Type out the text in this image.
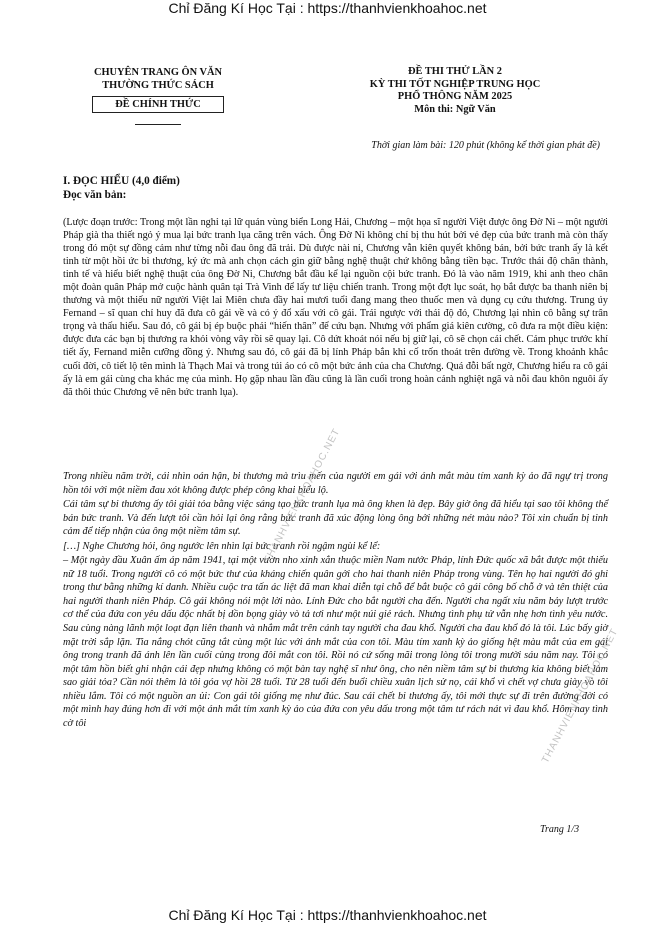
Chỉ Đăng Kí Học Tại : https://thanhvienkhoahoc.net
CHUYÊN TRANG ÔN VĂN
THƯỜNG THỨC SÁCH
ĐỀ CHÍNH THỨC
ĐỀ THI THỬ LẦN 2
KỲ THI TỐT NGHIỆP TRUNG HỌC
PHỔ THÔNG NĂM 2025
Môn thi: Ngữ Văn
Thời gian làm bài: 120 phút (không kể thời gian phát đề)
I. ĐỌC HIỂU (4,0 điểm)
Đọc văn bản:

(Lược đoạn trước: Trong một lần nghỉ tại lữ quán vùng biển Long Hải, Chương – một họa sĩ người Việt được ông Đờ Ni – một người Pháp già tha thiết ngỏ ý mua lại bức tranh lụa căng trên vách. Ông Đờ Ni không chỉ bị thu hút bởi vẻ đẹp của bức tranh mà còn thấy trong đó một sự đồng cảm như từng nỗi đau ông đã trải. Dù được nài nỉ, Chương vẫn kiên quyết không bán, bởi bức tranh ấy là kết tinh từ một hồi ức bi thương, ký ức mà anh chọn cách gìn giữ bằng nghệ thuật chứ không bằng tiền bạc. Trước thái độ chân thành, tinh tế và hiểu biết nghệ thuật của ông Đờ Ni, Chương bắt đầu kể lại nguồn cội bức tranh. Đó là vào năm 1919, khi anh theo chân một đoàn quân Pháp mở cuộc hành quân tại Trà Vinh để lấy tư liệu chiến tranh. Trong một đợt lục soát, họ bắt được ba thanh niên bị thương và một thiếu nữ người Việt lai Miên chưa đầy hai mươi tuổi đang mang theo thuốc men và dụng cụ cứu thương. Trung úy Fernand – sĩ quan chỉ huy đã đưa cô gái về và có ý đổ xấu với cô gái. Trái ngược với thái độ đó, Chương lại nhìn cô bằng sự trân trọng và thấu hiểu. Sau đó, cô gái bị ép buộc phải “hiến thân” để cứu bạn. Nhưng với phẩm giá kiên cường, cô đưa ra một điều kiện: được đưa các bạn bị thương ra khỏi vòng vây rồi sẽ quay lại. Cô dứt khoát nói nếu bị giữ lại, cô sẽ chọn cái chết. Cảm phục trước khí tiết ấy, Fernand miễn cưỡng đồng ý. Nhưng sau đó, cô gái đã bị lính Pháp bắn khi cố trốn thoát trên đường về. Trong khoảnh khắc cuối đời, cô tiết lộ tên mình là Thạch Mai và trong túi áo có cô một bức ảnh của cha Chương. Quá đỗi bất ngờ, Chương hiểu ra cô gái ấy là em gái cùng cha khác mẹ của mình. Họ gặp nhau lần đầu cũng là lần cuối trong hoàn cảnh nghiệt ngã và nỗi đau khôn nguôi ấy đã thôi thúc Chương vẽ nên bức tranh lụa).

Trong nhiều năm trời, cái nhìn oán hận, bi thương mà trìu mến của người em gái với ánh mắt màu tím xanh kỳ ảo đã ngự trị trong hồn tôi với một niềm đau xót không được phép công khai biểu lộ.

Cái tâm sự bi thương ấy tôi giải tỏa bằng việc sáng tạo bức tranh lụa mà ông khen là đẹp. Bây giờ ông đã hiểu tại sao tôi không thể bán bức tranh. Và đến lượt tôi cần hỏi lại ông rằng bức tranh đã xúc động lòng ông bởi những nét màu nào? Tôi xin chuẩn bị tinh cảm để tiếp nhận của ông một niềm tâm sự.

[…] Nghe Chương hỏi, ông ngước lên nhìn lại bức tranh rồi ngậm ngùi kể lể:

– Một ngày đầu Xuân ấm áp năm 1941, tại một vườn nho xinh xắn thuộc miền Nam nước Pháp, lính Đức quốc xã bắt được một thiếu nữ 18 tuổi. Trong người cô có một bức thư của kháng chiến quân gởi cho hai thanh niên Pháp trong vùng. Tên họ hai người đó ghi trong thư bằng những kí danh. Nhiều cuộc tra tấn ác liệt đã man khai diễn tại chỗ để bắt buộc cô gái công bố chỗ ở và tên thiệt của hai người thanh niên Pháp. Cô gái không nói một lời nào. Lính Đức cho bắt người cha đến. Người cha ngất xỉu năm bảy lượt trước cơ thể của đứa con yêu dấu độc nhất bị dồn bọng giày vò tả tơi như một núi giẻ rách. Nhưng tình phụ tử vẫn nhẹ hơn tình yêu nước. Sau cùng nàng lãnh một loạt đạn liên thanh và nhắm mắt trên cánh tay người cha đau khổ. Người cha đau khổ đó là tôi. Lúc bấy giờ mặt trời sắp lặn. Tia nắng chót cũng tắt cùng một lúc với ánh mắt của con tôi. Màu tím xanh kỳ ảo giống hệt màu mắt của em gái ông trong tranh đã ánh lên lần cuối cùng trong đôi mắt con tôi. Rồi nó cứ sống mãi trong lòng tôi trong mười sáu năm nay. Tôi có một tâm hồn biết ghi nhận cái đẹp nhưng không có một bàn tay nghệ sĩ như ông, cho nên niềm tâm sự bi thương kia không biết làm sao giải tỏa? Cần nói thêm là tôi góa vợ hồi 28 tuổi. Từ 28 tuổi đến buổi chiều xuân lịch sử nọ, cái khổ vì chết vợ chưa giày vò tôi nhiều lắm. Tôi có một nguồn an ủi: Con gái tôi giống mẹ như đúc. Sau cái chết bi thương ấy, tôi mới thực sự đi trên đường đời có một mình hay đúng hơn đi với một ánh mắt tím xanh kỳ ảo của đứa con yêu dấu trong một tâm tư rách nát vì đau khổ. Hôm nay tình cờ tôi

Trang 1/3
THANHVIENKHOAHOC.NET
THANHVIENKHOAHOC.NET
Chỉ Đăng Kí Học Tại : https://thanhvienkhoahoc.net
